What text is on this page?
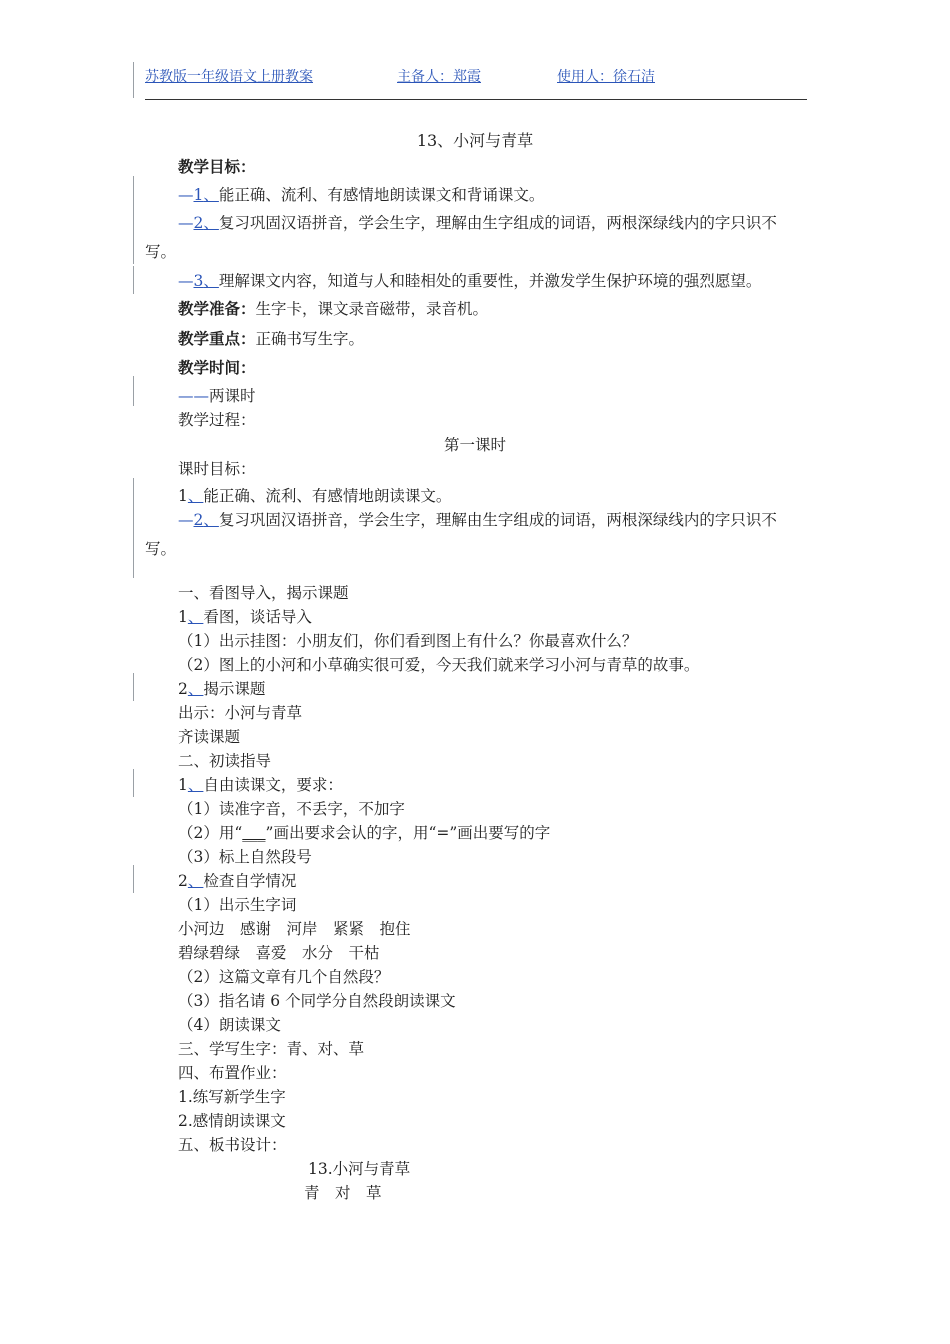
苏教版一年级语文上册教案	主备人：郑霞	使用人：徐石洁
13、小河与青草
教学目标：
—1、能正确、流利、有感情地朗读课文和背诵课文。
—2、复习巩固汉语拼音，学会生字，理解由生字组成的词语，两根深绿线内的字只识不写。
—3、理解课文内容，知道与人和睦相处的重要性，并激发学生保护环境的强烈愿望。
教学准备：生字卡，课文录音磁带，录音机。
教学重点：正确书写生字。
教学时间：
——两课时
教学过程：
第一课时
课时目标：
1、能正确、流利、有感情地朗读课文。
—2、复习巩固汉语拼音，学会生字，理解由生字组成的词语，两根深绿线内的字只识不写。
一、看图导入，揭示课题
1、看图，谈话导入
（1）出示挂图：小朋友们，你们看到图上有什么？你最喜欢什么？
（2）图上的小河和小草确实很可爱，今天我们就来学习小河与青草的故事。
2、揭示课题
出示：小河与青草
齐读课题
二、初读指导
1、自由读课文，要求：
（1）读准字音，不丢字，不加字
（2）用“___”画出要求会认的字，用“=”画出要写的字
（3）标上自然段号
2、检查自学情况
（1）出示生字词
小河边　感谢　河岸　紧紧　抱住
碧绿碧绿　喜爱　水分　干枯
（2）这篇文章有几个自然段？
（3）指名请 6 个同学分自然段朗读课文
（4）朗读课文
三、学写生字：青、对、草
四、布置作业：
1.练写新学生字
2.感情朗读课文
五、板书设计：
13.小河与青草
青　对　草
